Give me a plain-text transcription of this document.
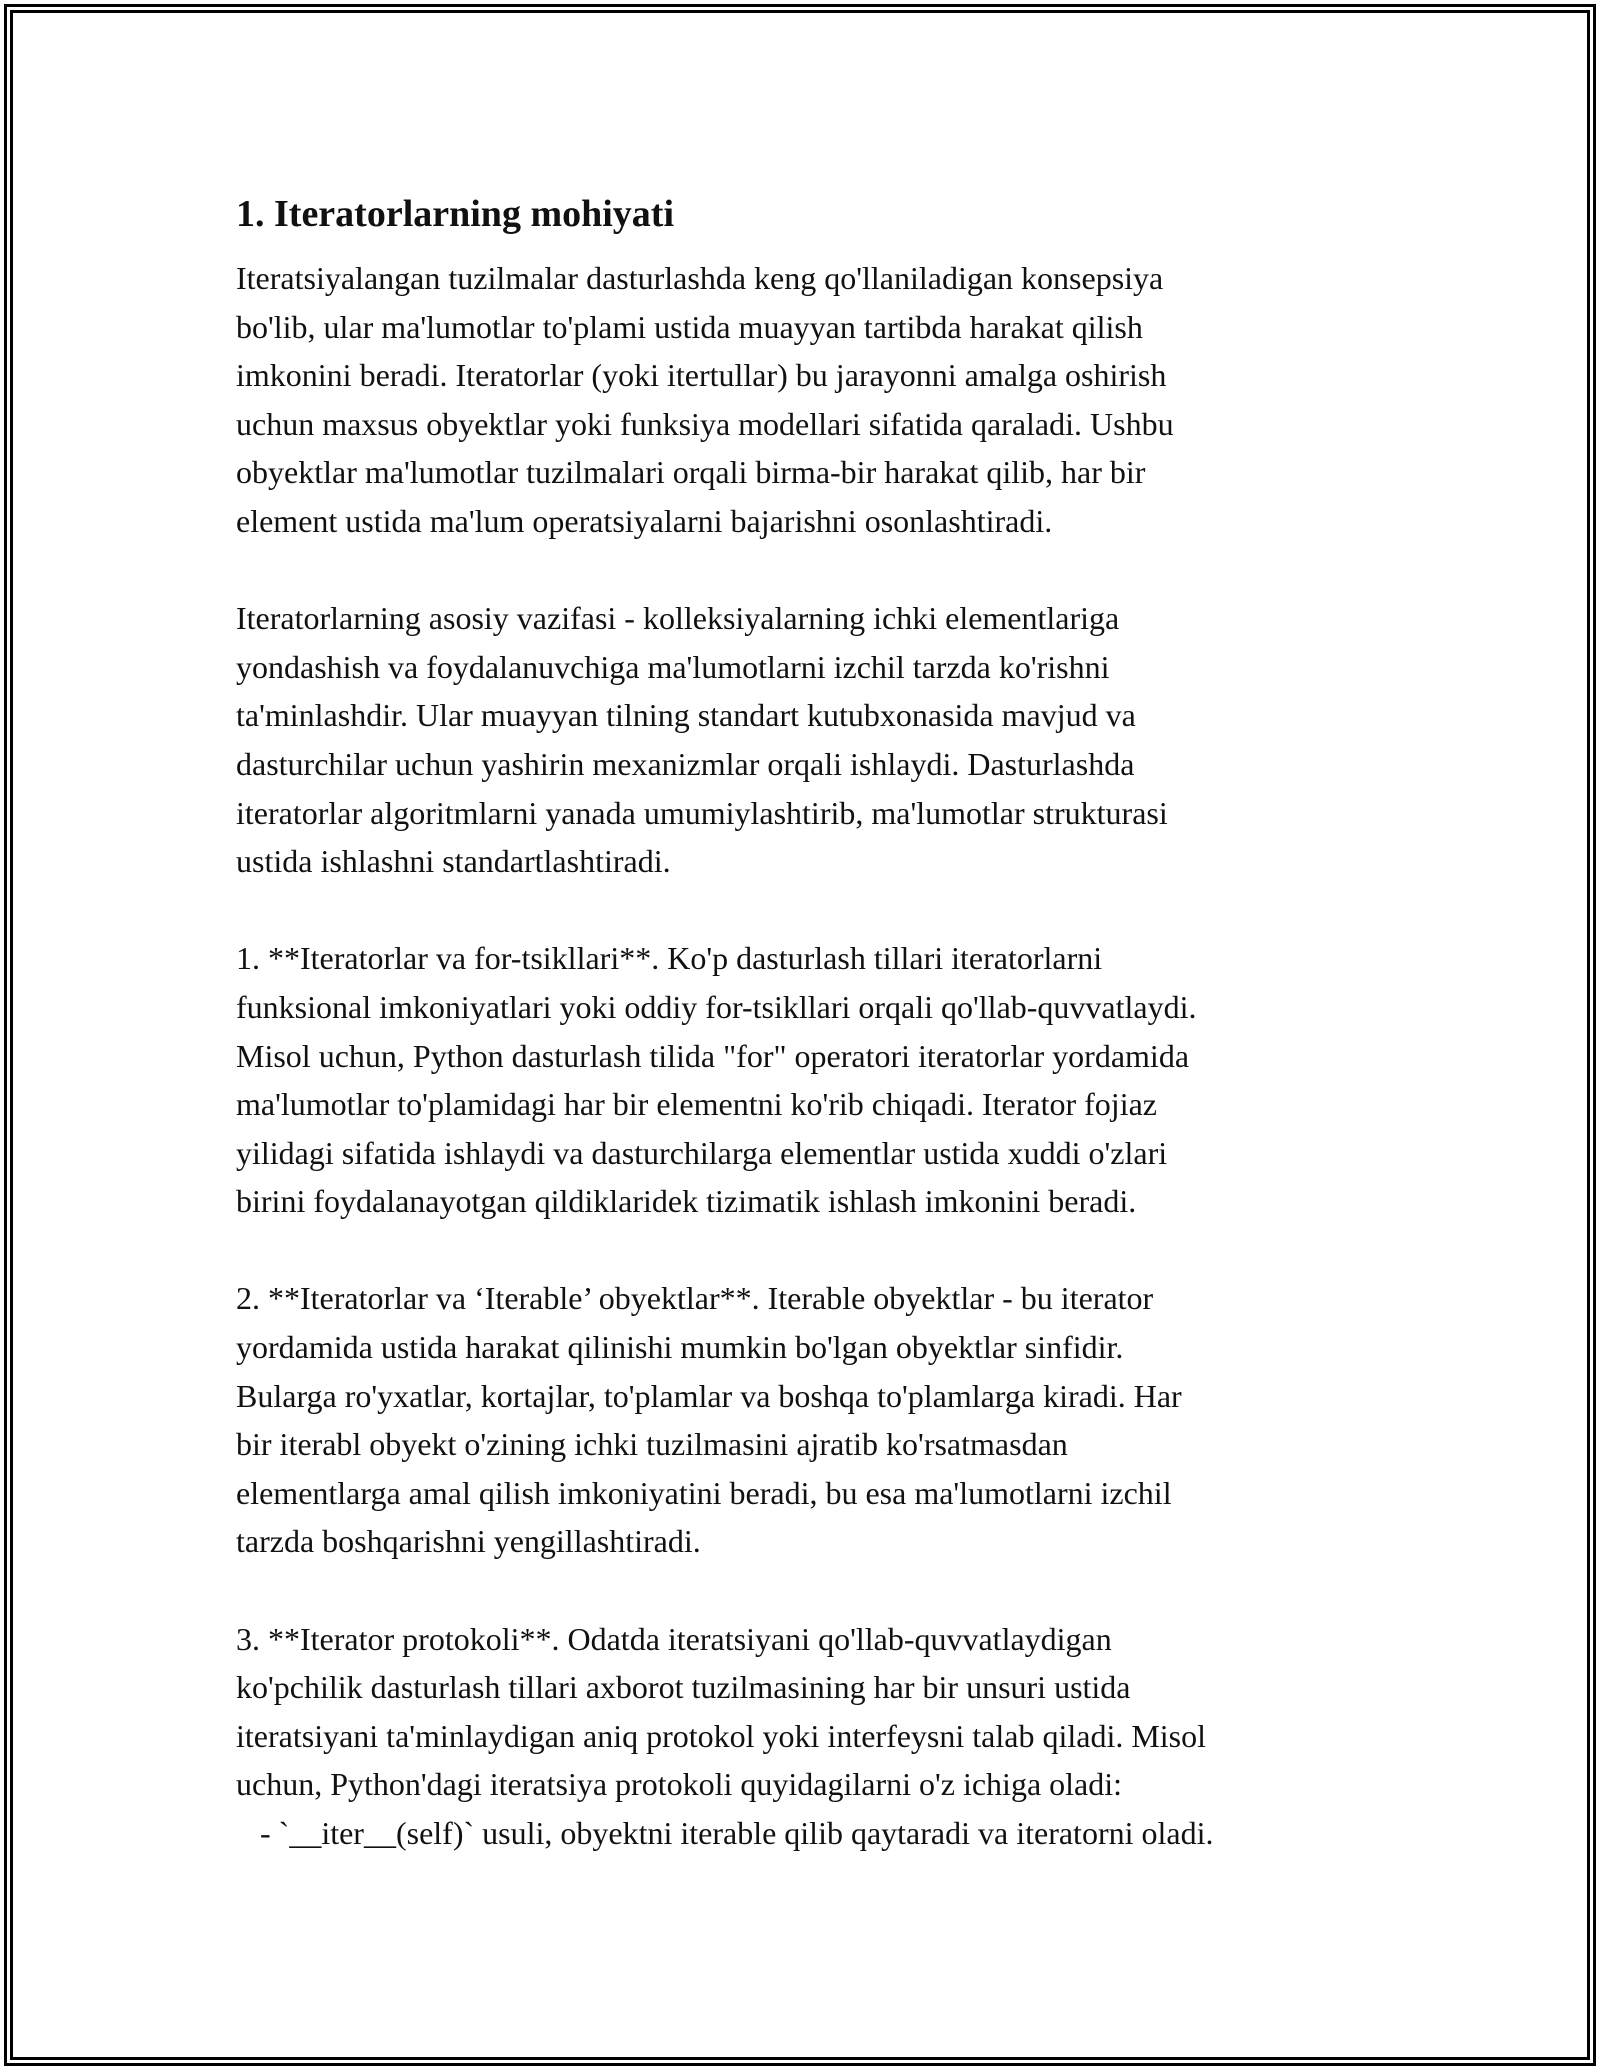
1. Iteratorlarning mohiyati

Iteratsiyalangan tuzilmalar dasturlashda keng qo'llaniladigan konsepsiya
bo'lib, ular ma'lumotlar to'plami ustida muayyan tartibda harakat qilish
imkonini beradi. Iteratorlar (yoki itertullar) bu jarayonni amalga oshirish
uchun maxsus obyektlar yoki funksiya modellari sifatida qaraladi. Ushbu
obyektlar ma'lumotlar tuzilmalari orqali birma-bir harakat qilib, har bir
element ustida ma'lum operatsiyalarni bajarishni osonlashtiradi.

Iteratorlarning asosiy vazifasi - kolleksiyalarning ichki elementlariga
yondashish va foydalanuvchiga ma'lumotlarni izchil tarzda ko'rishni
ta'minlashdir. Ular muayyan tilning standart kutubxonasida mavjud va
dasturchilar uchun yashirin mexanizmlar orqali ishlaydi. Dasturlashda
iteratorlar algoritmlarni yanada umumiylashtirib, ma'lumotlar strukturasi
ustida ishlashni standartlashtiradi.

1. **Iteratorlar va for-tsikllari**. Ko'p dasturlash tillari iteratorlarni
funksional imkoniyatlari yoki oddiy for-tsikllari orqali qo'llab-quvvatlaydi.
Misol uchun, Python dasturlash tilida "for" operatori iteratorlar yordamida
ma'lumotlar to'plamidagi har bir elementni ko'rib chiqadi. Iterator fojiaz
yilidagi sifatida ishlaydi va dasturchilarga elementlar ustida xuddi o'zlari
birini foydalanayotgan qildiklaridek tizimatik ishlash imkonini beradi.

2. **Iteratorlar va ‘Iterable’ obyektlar**. Iterable obyektlar - bu iterator
yordamida ustida harakat qilinishi mumkin bo'lgan obyektlar sinfidir.
Bularga ro'yxatlar, kortajlar, to'plamlar va boshqa to'plamlarga kiradi. Har
bir iterabl obyekt o'zining ichki tuzilmasini ajratib ko'rsatmasdan
elementlarga amal qilish imkoniyatini beradi, bu esa ma'lumotlarni izchil
tarzda boshqarishni yengillashtiradi.

3. **Iterator protokoli**. Odatda iteratsiyani qo'llab-quvvatlaydigan
ko'pchilik dasturlash tillari axborot tuzilmasining har bir unsuri ustida
iteratsiyani ta'minlaydigan aniq protokol yoki interfeysni talab qiladi. Misol
uchun, Python'dagi iteratsiya protokoli quyidagilarni o'z ichiga oladi:

- `__iter__(self)` usuli, obyektni iterable qilib qaytaradi va iteratorni oladi.
